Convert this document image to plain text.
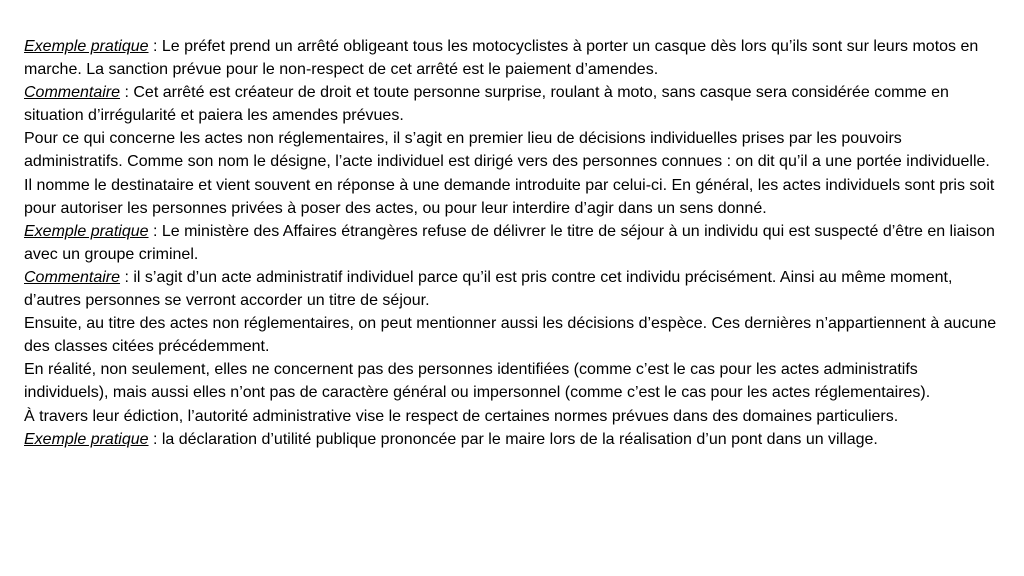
Exemple pratique : Le préfet prend un arrêté obligeant tous les motocyclistes à porter un casque dès lors qu’ils sont sur leurs motos en marche. La sanction prévue pour le non-respect de cet arrêté est le paiement d’amendes.

Commentaire : Cet arrêté est créateur de droit et toute personne surprise, roulant à moto, sans casque sera considérée comme en situation d’irrégularité et paiera les amendes prévues.

Pour ce qui concerne les actes non réglementaires, il s’agit en premier lieu de décisions individuelles prises par les pouvoirs administratifs. Comme son nom le désigne, l’acte individuel est dirigé vers des personnes connues : on dit qu’il a une portée individuelle. Il nomme le destinataire et vient souvent en réponse à une demande introduite par celui-ci. En général, les actes individuels sont pris soit pour autoriser les personnes privées à poser des actes, ou pour leur interdire d’agir dans un sens donné.

Exemple pratique : Le ministère des Affaires étrangères refuse de délivrer le titre de séjour à un individu qui est suspecté d’être en liaison avec un groupe criminel.

Commentaire : il s’agit d’un acte administratif individuel parce qu’il est pris contre cet individu précisément. Ainsi au même moment, d’autres personnes se verront accorder un titre de séjour.

Ensuite, au titre des actes non réglementaires, on peut mentionner aussi les décisions d’espèce. Ces dernières n’appartiennent à aucune des classes citées précédemment.

En réalité, non seulement, elles ne concernent pas des personnes identifiées (comme c’est le cas pour les actes administratifs individuels), mais aussi elles n’ont pas de caractère général ou impersonnel (comme c’est le cas pour les actes réglementaires).

À travers leur édiction, l’autorité administrative vise le respect de certaines normes prévues dans des domaines particuliers.

Exemple pratique : la déclaration d’utilité publique prononcée par le maire lors de la réalisation d’un pont dans un village.
